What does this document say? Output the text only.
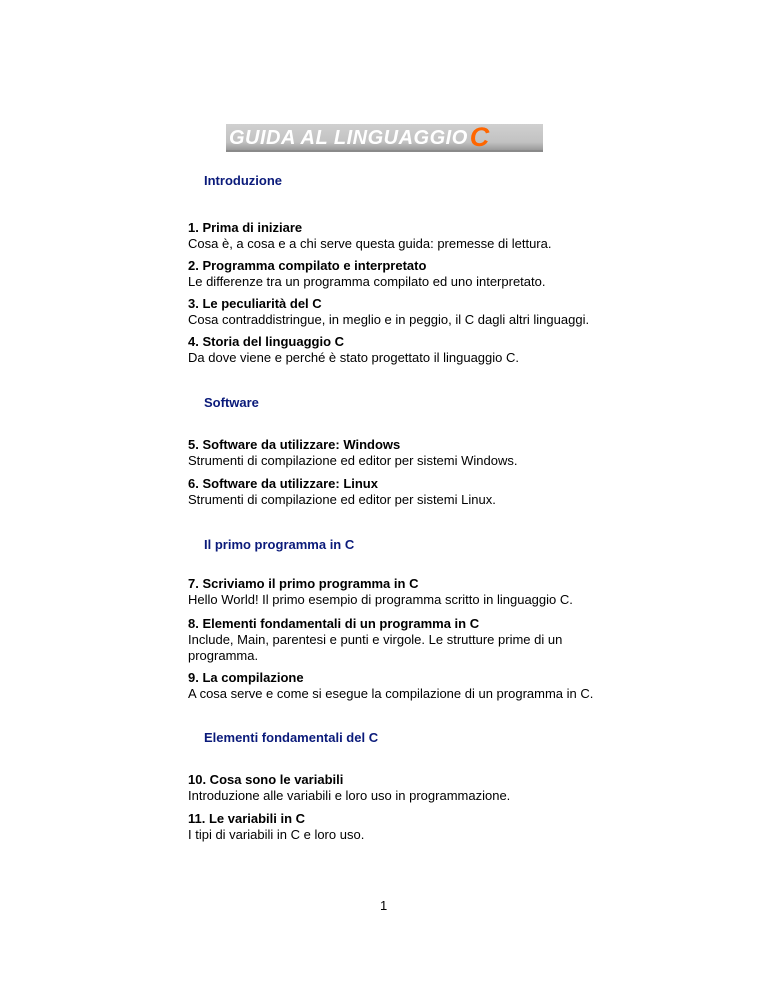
GUIDA AL LINGUAGGIOC
Introduzione
1. Prima di iniziare
Cosa è, a cosa e a chi serve questa guida: premesse di lettura.
2. Programma compilato e interpretato
Le differenze tra un programma compilato ed uno interpretato.
3. Le peculiarità del C
Cosa contraddistringue, in meglio e in peggio, il C dagli altri linguaggi.
4. Storia del linguaggio C
Da dove viene e perché è stato progettato il linguaggio C.
Software
5. Software da utilizzare: Windows
Strumenti di compilazione ed editor per sistemi Windows.
6. Software da utilizzare: Linux
Strumenti di compilazione ed editor per sistemi Linux.
Il primo programma in C
7. Scriviamo il primo programma in C
Hello World! Il primo esempio di programma scritto in linguaggio C.
8. Elementi fondamentali di un programma in C
Include, Main, parentesi e punti e virgole. Le strutture prime di un programma.
9. La compilazione
A cosa serve e come si esegue la compilazione di un programma in C.
Elementi fondamentali del C
10. Cosa sono le variabili
Introduzione alle variabili e loro uso in programmazione.
11. Le variabili in C
I tipi di variabili in C e loro uso.
1
